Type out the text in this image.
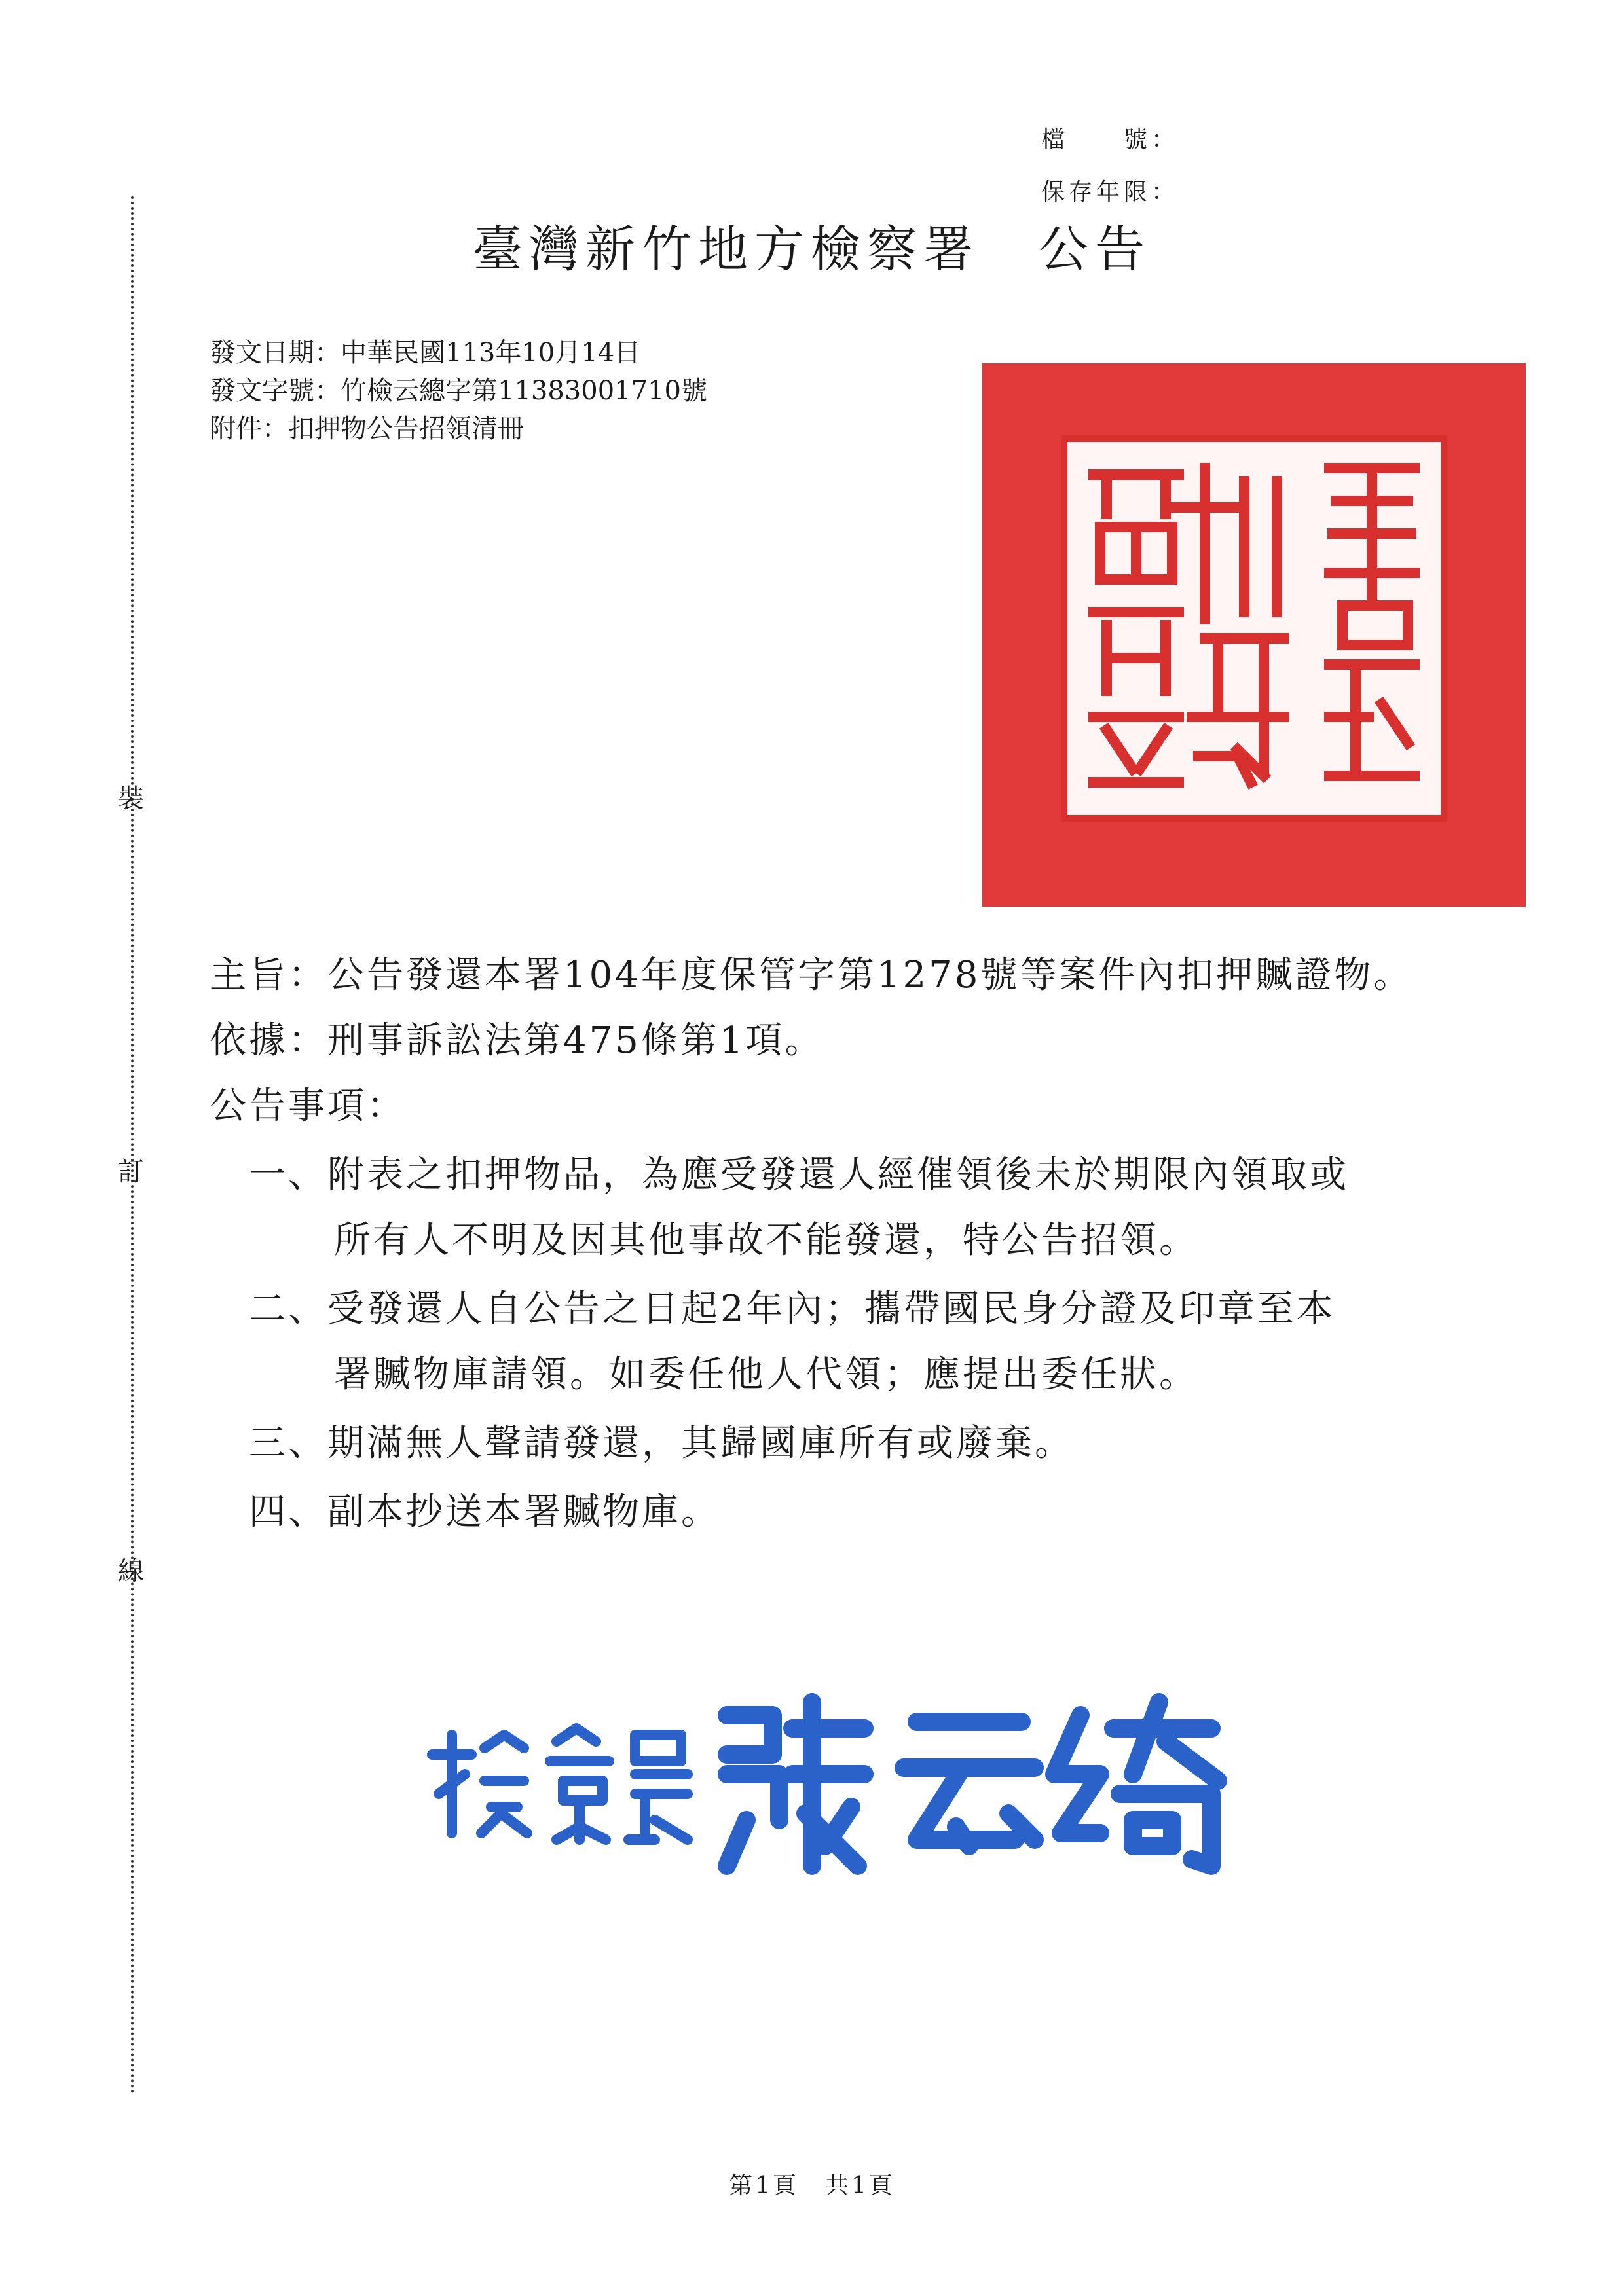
裝
訂
線
檔　　號：
保存年限：
臺灣新竹地方檢察署 公告
發文日期：中華民國113年10月14日
發文字號：竹檢云總字第11383001710號
附件：扣押物公告招領清冊
主旨：公告發還本署104年度保管字第1278號等案件內扣押贓證物。
依據：刑事訴訟法第475條第1項。
公告事項：
一、附表之扣押物品，為應受發還人經催領後未於期限內領取或
所有人不明及因其他事故不能發還，特公告招領。
二、受發還人自公告之日起2年內；攜帶國民身分證及印章至本
署贓物庫請領。如委任他人代領；應提出委任狀。
三、期滿無人聲請發還，其歸國庫所有或廢棄。
四、副本抄送本署贓物庫。
第1頁 共1頁
